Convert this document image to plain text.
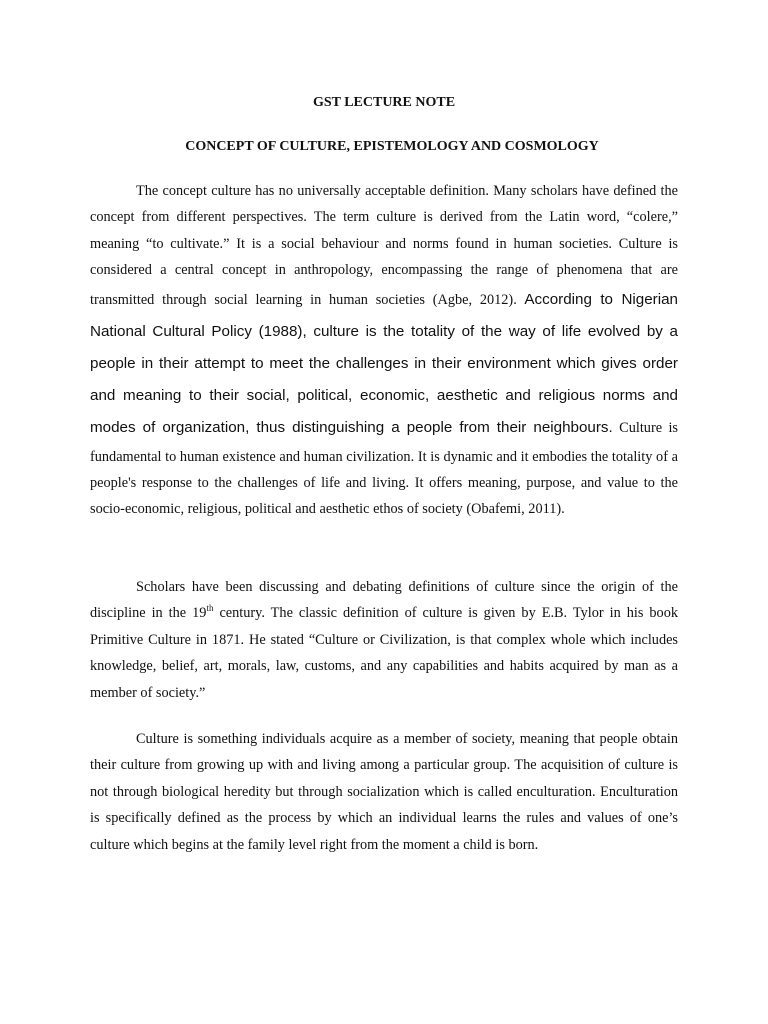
GST LECTURE NOTE
CONCEPT OF CULTURE, EPISTEMOLOGY AND COSMOLOGY

The concept culture has no universally acceptable definition. Many scholars have defined the concept from different perspectives. The term culture is derived from the Latin word, “colere,” meaning “to cultivate.” It is a social behaviour and norms found in human societies. Culture is considered a central concept in anthropology, encompassing the range of phenomena that are transmitted through social learning in human societies (Agbe, 2012). According to Nigerian National Cultural Policy (1988), culture is the totality of the way of life evolved by a people in their attempt to meet the challenges in their environment which gives order and meaning to their social, political, economic, aesthetic and religious norms and modes of organization, thus distinguishing a people from their neighbours. Culture is fundamental to human existence and human civilization. It is dynamic and it embodies the totality of a people's response to the challenges of life and living. It offers meaning, purpose, and value to the socio-economic, religious, political and aesthetic ethos of society (Obafemi, 2011).

Scholars have been discussing and debating definitions of culture since the origin of the discipline in the 19th century. The classic definition of culture is given by E.B. Tylor in his book Primitive Culture in 1871. He stated “Culture or Civilization, is that complex whole which includes knowledge, belief, art, morals, law, customs, and any capabilities and habits acquired by man as a member of society.”

Culture is something individuals acquire as a member of society, meaning that people obtain their culture from growing up with and living among a particular group. The acquisition of culture is not through biological heredity but through socialization which is called enculturation. Enculturation is specifically defined as the process by which an individual learns the rules and values of one’s culture which begins at the family level right from the moment a child is born.
